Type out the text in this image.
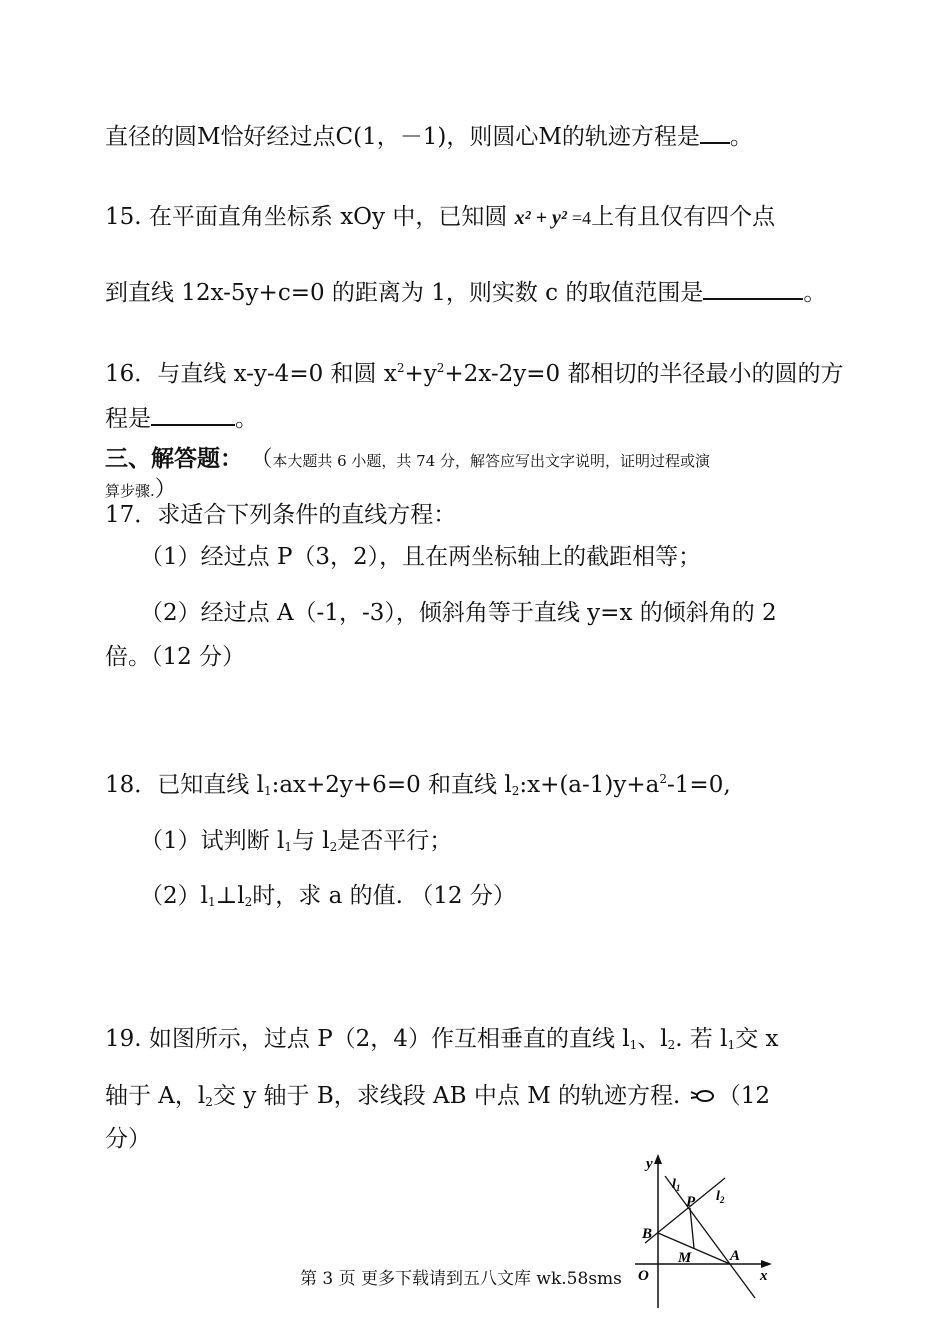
直径的圆M恰好经过点C(1，－1)，则圆心M的轨迹方程是 。
15. 在平面直角坐标系 xOy 中，已知圆 x² + y² =4上有且仅有四个点
到直线 12x-5y+c=0 的距离为 1，则实数 c 的取值范围是	。
16．与直线 x-y-4=0 和圆 $x^2+y^2+2x-2y=0$ 都相切的半径最小的圆的方
程是	。
三、解答题： （本大题共 6 小题，共 74 分，解答应写出文字说明，证明过程或演
算步骤.）
17．求适合下列条件的直线方程：
（1）经过点 P（3，2），且在两坐标轴上的截距相等；
（2）经过点 A（-1，-3），倾斜角等于直线 y=x 的倾斜角的 2
倍。（12 分）
18．已知直线 $l_1:ax+2y+6=0$ 和直线 $l_2:x+(a-1)y+a^2-1=0$,
（1）试判断 $l_1$与 $l_2$是否平行；
$(2)l_1\perp l_2$时，求 a 的值. （12 分）
19. 如图所示，过点 P（2，4）作互相垂直的直线 $l_1$、$l_2$. 若 $l_1$交 x
轴于 A，$l_2$交 y 轴于 B，求线段 AB 中点 M 的轨迹方程. （12
分）
y
x
O
B
A
P
M
$l_1$
$l_2$
第 3 页 更多下载请到五八文库 wk.58sms
